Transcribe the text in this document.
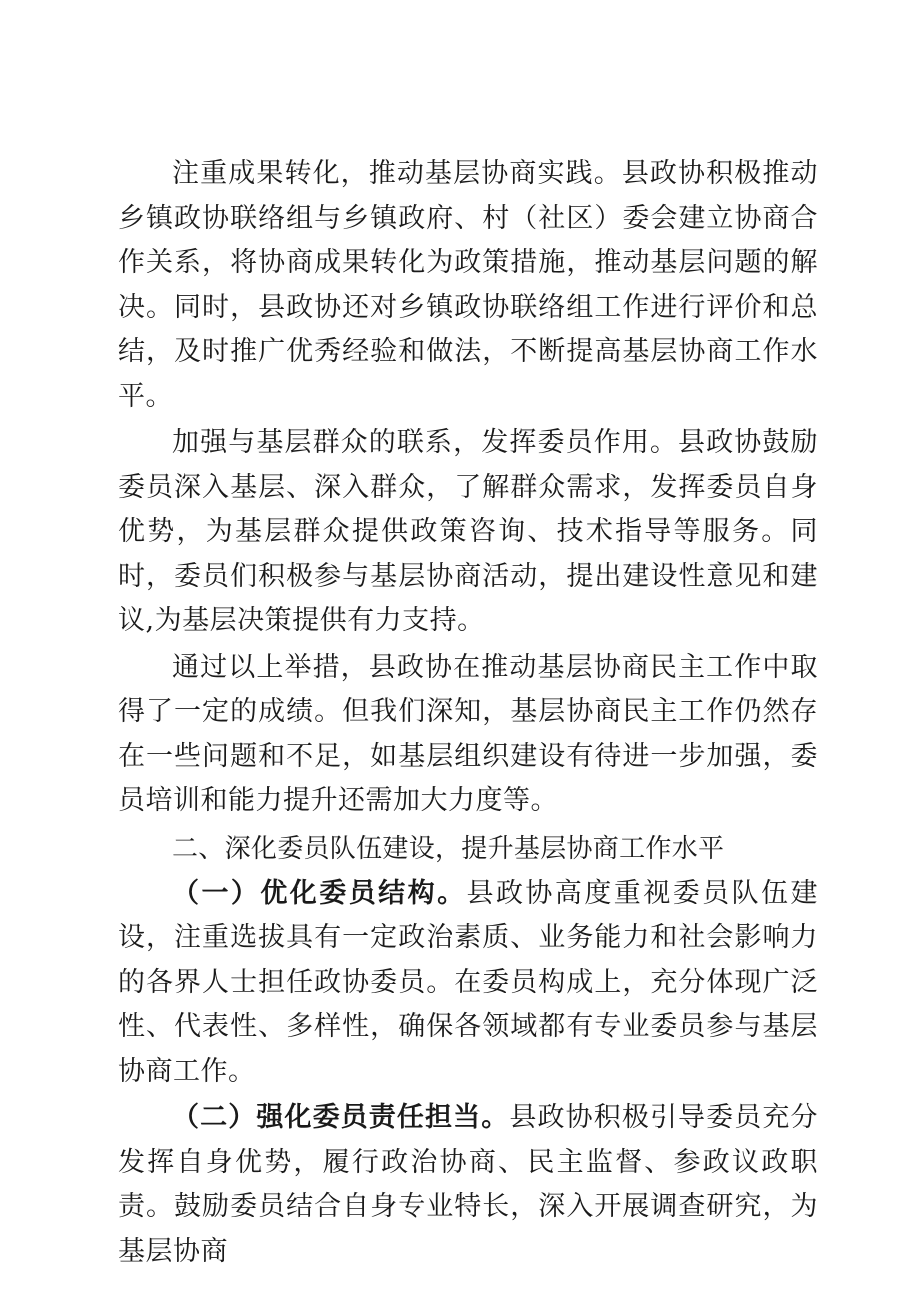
注重成果转化，推动基层协商实践。县政协积极推动乡镇政协联络组与乡镇政府、村（社区）委会建立协商合作关系，将协商成果转化为政策措施，推动基层问题的解决。同时，县政协还对乡镇政协联络组工作进行评价和总结，及时推广优秀经验和做法，不断提高基层协商工作水平。

加强与基层群众的联系，发挥委员作用。县政协鼓励委员深入基层、深入群众，了解群众需求，发挥委员自身优势，为基层群众提供政策咨询、技术指导等服务。同时，委员们积极参与基层协商活动，提出建设性意见和建议,为基层决策提供有力支持。

通过以上举措，县政协在推动基层协商民主工作中取得了一定的成绩。但我们深知，基层协商民主工作仍然存在一些问题和不足，如基层组织建设有待进一步加强，委员培训和能力提升还需加大力度等。

二、深化委员队伍建设，提升基层协商工作水平

（一）优化委员结构。县政协高度重视委员队伍建设，注重选拔具有一定政治素质、业务能力和社会影响力的各界人士担任政协委员。在委员构成上，充分体现广泛性、代表性、多样性，确保各领域都有专业委员参与基层协商工作。

（二）强化委员责任担当。县政协积极引导委员充分发挥自身优势，履行政治协商、民主监督、参政议政职责。鼓励委员结合自身专业特长，深入开展调查研究，为基层协商
